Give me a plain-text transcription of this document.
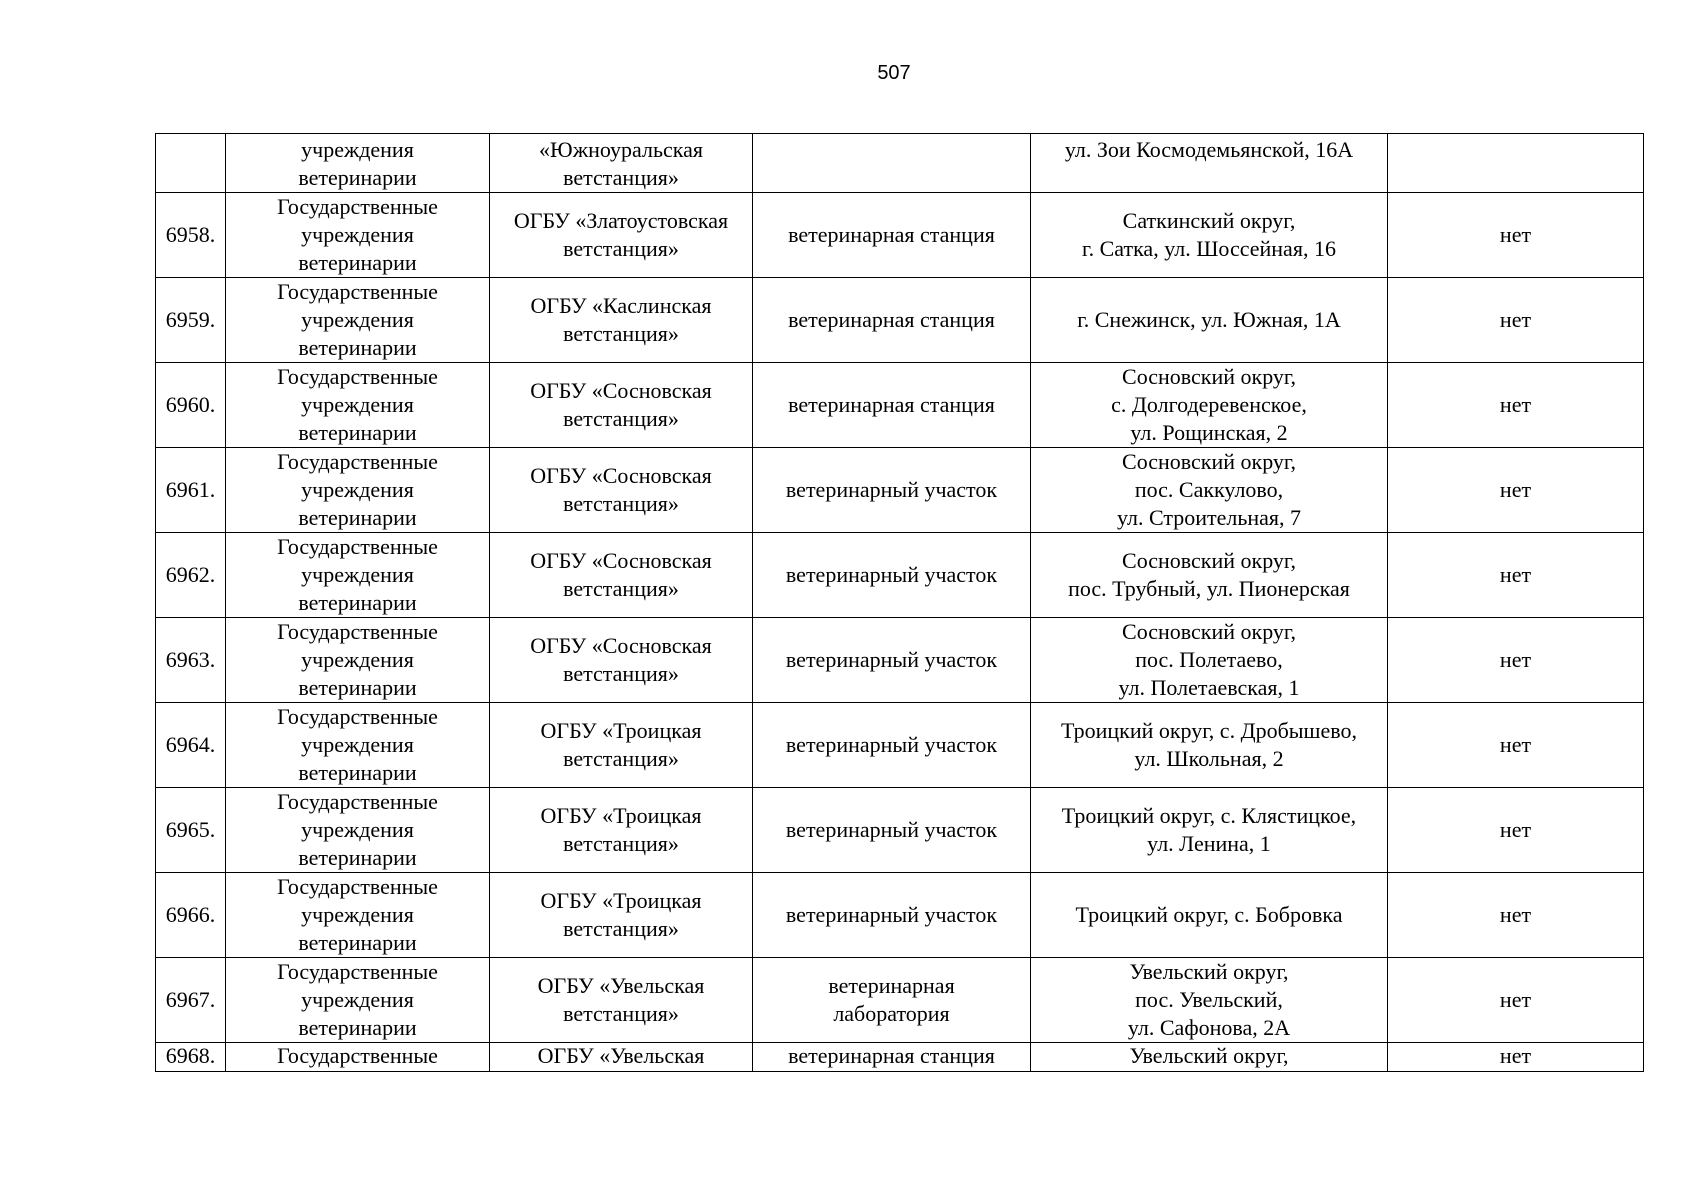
507
	учреждения
ветеринарии	«Южноуральская
ветстанция»		ул. Зои Космодемьянской, 16А	
6958.	Государственные
учреждения
ветеринарии	ОГБУ «Златоустовская
ветстанция»	ветеринарная станция	Саткинский округ,
г. Сатка, ул. Шоссейная, 16	нет
6959.	Государственные
учреждения
ветеринарии	ОГБУ «Каслинская
ветстанция»	ветеринарная станция	г. Снежинск, ул. Южная, 1А	нет
6960.	Государственные
учреждения
ветеринарии	ОГБУ «Сосновская
ветстанция»	ветеринарная станция	Сосновский округ,
с. Долгодеревенское,
ул. Рощинская, 2	нет
6961.	Государственные
учреждения
ветеринарии	ОГБУ «Сосновская
ветстанция»	ветеринарный участок	Сосновский округ,
пос. Саккулово,
ул. Строительная, 7	нет
6962.	Государственные
учреждения
ветеринарии	ОГБУ «Сосновская
ветстанция»	ветеринарный участок	Сосновский округ,
пос. Трубный, ул. Пионерская	нет
6963.	Государственные
учреждения
ветеринарии	ОГБУ «Сосновская
ветстанция»	ветеринарный участок	Сосновский округ,
пос. Полетаево,
ул. Полетаевская, 1	нет
6964.	Государственные
учреждения
ветеринарии	ОГБУ «Троицкая
ветстанция»	ветеринарный участок	Троицкий округ, с. Дробышево,
ул. Школьная, 2	нет
6965.	Государственные
учреждения
ветеринарии	ОГБУ «Троицкая
ветстанция»	ветеринарный участок	Троицкий округ, с. Клястицкое,
ул. Ленина, 1	нет
6966.	Государственные
учреждения
ветеринарии	ОГБУ «Троицкая
ветстанция»	ветеринарный участок	Троицкий округ, с. Бобровка	нет
6967.	Государственные
учреждения
ветеринарии	ОГБУ «Увельская
ветстанция»	ветеринарная
лаборатория	Увельский округ,
пос. Увельский,
ул. Сафонова, 2А	нет
6968.	Государственные	ОГБУ «Увельская	ветеринарная станция	Увельский округ,	нет
